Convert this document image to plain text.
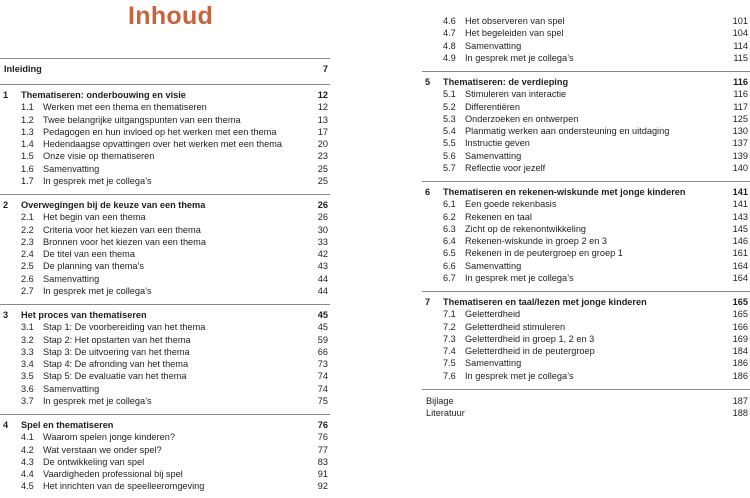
Inhoud
Inleiding	7
1 Thematiseren: onderbouwing en visie	12
1.1 Werken met een thema en thematiseren	12
1.2 Twee belangrijke uitgangspunten van een thema	13
1.3 Pedagogen en hun invloed op het werken met een thema	17
1.4 Hedendaagse opvattingen over het werken met een thema	20
1.5 Onze visie op thematiseren	23
1.6 Samenvatting	25
1.7 In gesprek met je collega’s	25
2 Overwegingen bij de keuze van een thema	26
2.1 Het begin van een thema	26
2.2 Criteria voor het kiezen van een thema	30
2.3 Bronnen voor het kiezen van een thema	33
2.4 De titel van een thema	42
2.5 De planning van thema’s	43
2.6 Samenvatting	44
2.7 In gesprek met je collega’s	44
3 Het proces van thematiseren	45
3.1 Stap 1: De voorbereiding van het thema	45
3.2 Stap 2: Het opstarten van het thema	59
3.3 Stap 3: De uitvoering van het thema	66
3.4 Stap 4: De afronding van het thema	73
3.5 Stap 5: De evaluatie van het thema	74
3.6 Samenvatting	74
3.7 In gesprek met je collega’s	75
4 Spel en thematiseren	76
4.1 Waarom spelen jonge kinderen?	76
4.2 Wat verstaan we onder spel?	77
4.3 De ontwikkeling van spel	83
4.4 Vaardigheden professional bij spel	91
4.5 Het inrichten van de speelleeromgeving	92
4.6 Het observeren van spel	101
4.7 Het begeleiden van spel	104
4.8 Samenvatting	114
4.9 In gesprek met je collega’s	115
5 Thematiseren: de verdieping	116
5.1 Stimuleren van interactie	116
5.2 Differentiëren	117
5.3 Onderzoeken en ontwerpen	125
5.4 Planmatig werken aan ondersteuning en uitdaging	130
5.5 Instructie geven	137
5.6 Samenvatting	139
5.7 Reflectie voor jezelf	140
6 Thematiseren en rekenen-wiskunde met jonge kinderen	141
6.1 Een goede rekenbasis	141
6.2 Rekenen en taal	143
6.3 Zicht op de rekenontwikkeling	145
6.4 Rekenen-wiskunde in groep 2 en 3	146
6.5 Rekenen in de peutergroep en groep 1	161
6.6 Samenvatting	164
6.7 In gesprek met je collega’s	164
7 Thematiseren en taal/lezen met jonge kinderen	165
7.1 Geletterdheid	165
7.2 Geletterdheid stimuleren	166
7.3 Geletterdheid in groep 1, 2 en 3	169
7.4 Geletterdheid in de peutergroep	184
7.5 Samenvatting	186
7.6 In gesprek met je collega’s	186
Bijlage	187
Literatuur	188
